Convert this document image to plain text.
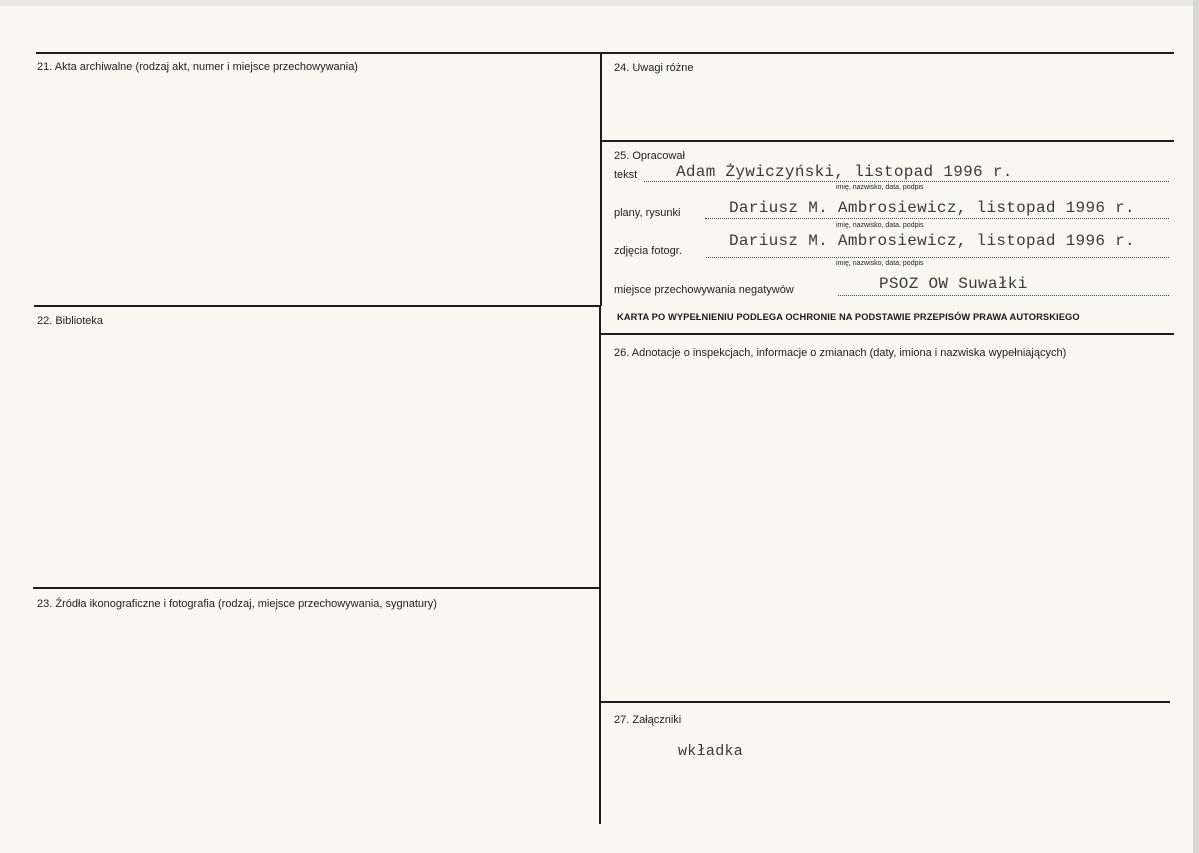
21. Akta archiwalne (rodzaj akt, numer i miejsce przechowywania)
22. Biblioteka
23. Źródła ikonograficzne i fotografia (rodzaj, miejsce przechowywania, sygnatury)
24. Uwagi różne
25. Opracował
tekst Adam Żywiczyński, listopad 1996 r.
imię, nazwisko, data, podpis
plany, rysunki	Dariusz M. Ambrosiewicz, listopad 1996 r.
imię, nazwisko, data, podpis
zdjęcia fotogr.
Dariusz M. Ambrosiewicz, listopad 1996 r.
imię, nazwisko, data, podpis
miejsce przechowywania negatywów	PSOZ OW Suwałki
KARTA PO WYPEŁNIENIU PODLEGA OCHRONIE NA PODSTAWIE PRZEPISÓW PRAWA AUTORSKIEGO
26. Adnotacje o inspekcjach, informacje o zmianach (daty, imiona i nazwiska wypełniających)
27. Załączniki
wkładka
